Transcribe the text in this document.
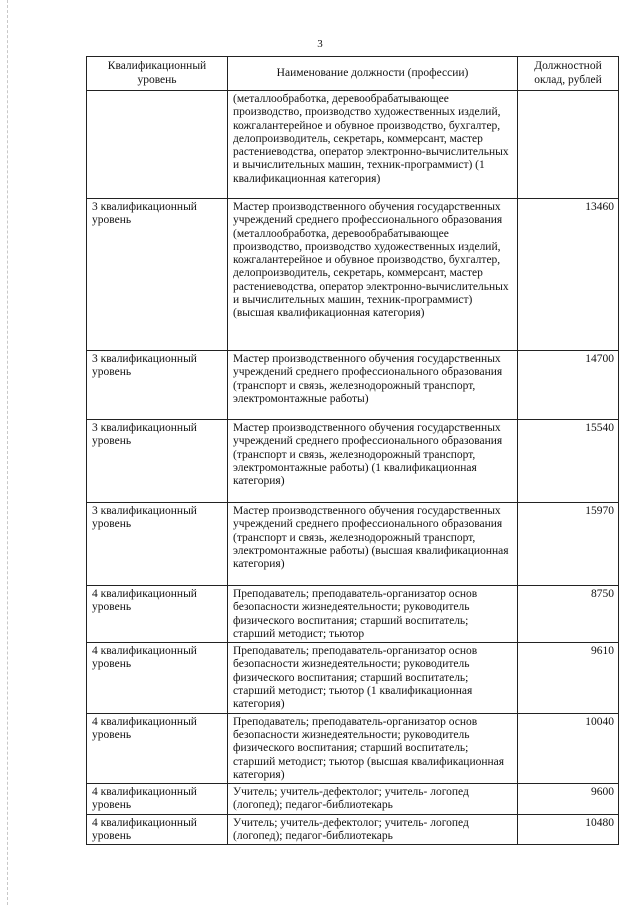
3
Квалификационный уровень	Наименование должности (профессии)	Должностной оклад, рублей
	(металлообработка, деревообрабатывающее производство, производство художественных изделий, кожгалантерейное и обувное производство, бухгалтер, делопроизводитель, секретарь, коммерсант, мастер растениеводства, оператор электронно-вычислительных и вычислительных машин, техник-программист) (1 квалификационная категория)	
3 квалификационный уровень	Мастер производственного обучения государственных учреждений среднего профессионального образования (металлообработка, деревообрабатывающее производство, производство художественных изделий, кожгалантерейное и обувное производство, бухгалтер, делопроизводитель, секретарь, коммерсант, мастер растениеводства, оператор электронно-вычислительных и вычислительных машин, техник-программист) (высшая квалификационная категория)	13460
3 квалификационный уровень	Мастер производственного обучения государственных учреждений среднего профессионального образования (транспорт и связь, железнодорожный транспорт, электромонтажные работы)	14700
3 квалификационный уровень	Мастер производственного обучения государственных учреждений среднего профессионального образования (транспорт и связь, железнодорожный транспорт, электромонтажные работы) (1 квалификационная категория)	15540
3 квалификационный уровень	Мастер производственного обучения государственных учреждений среднего профессионального образования (транспорт и связь, железнодорожный транспорт, электромонтажные работы) (высшая квалификационная категория)	15970
4 квалификационный уровень	Преподаватель; преподаватель-организатор основ безопасности жизнедеятельности; руководитель физического воспитания; старший воспитатель; старший методист; тьютор	8750
4 квалификационный уровень	Преподаватель; преподаватель-организатор основ безопасности жизнедеятельности; руководитель физического воспитания; старший воспитатель; старший методист; тьютор (1 квалификационная категория)	9610
4 квалификационный уровень	Преподаватель; преподаватель-организатор основ безопасности жизнедеятельности; руководитель физического воспитания; старший воспитатель; старший методист; тьютор (высшая квалификационная категория)	10040
4 квалификационный уровень	Учитель; учитель-дефектолог; учитель- логопед (логопед); педагог-библиотекарь	9600
4 квалификационный уровень	Учитель; учитель-дефектолог; учитель- логопед (логопед); педагог-библиотекарь	10480
